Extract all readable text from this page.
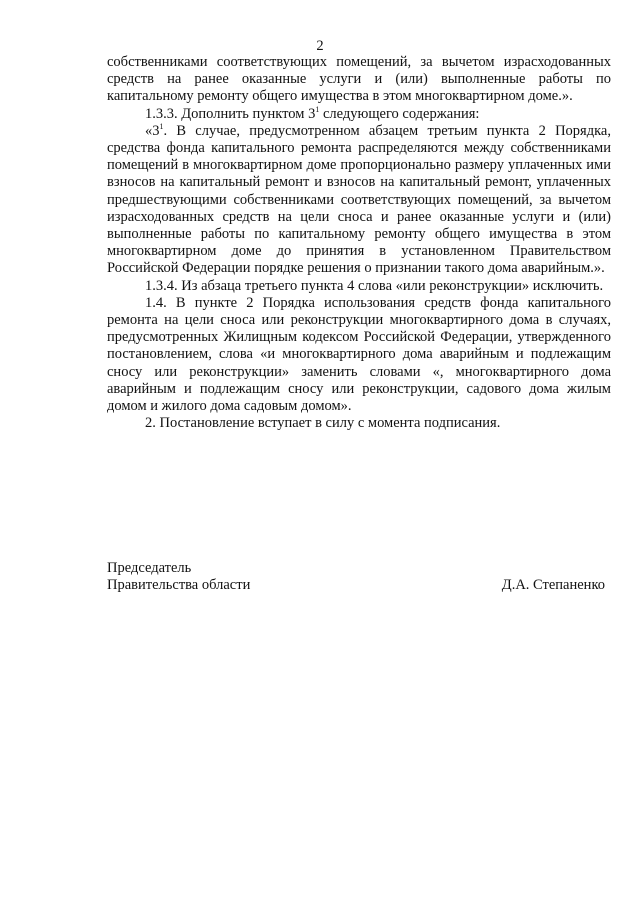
2

собственниками соответствующих помещений, за вычетом израсходованных средств на ранее оказанные услуги и (или) выполненные работы по капитальному ремонту общего имущества в этом многоквартирном доме.».

1.3.3. Дополнить пунктом $3^1$ следующего содержания:

«$3^1$. В случае, предусмотренном абзацем третьим пункта 2 Порядка, средства фонда капитального ремонта распределяются между собственниками помещений в многоквартирном доме пропорционально размеру уплаченных ими взносов на капитальный ремонт и взносов на капитальный ремонт, уплаченных предшествующими собственниками соответствующих помещений, за вычетом израсходованных средств на цели сноса и ранее оказанные услуги и (или) выполненные работы по капитальному ремонту общего имущества в этом многоквартирном доме до принятия в установленном Правительством Российской Федерации порядке решения о признании такого дома аварийным.».

1.3.4. Из абзаца третьего пункта 4 слова «или реконструкции» исключить.

1.4. В пункте 2 Порядка использования средств фонда капитального ремонта на цели сноса или реконструкции многоквартирного дома в случаях, предусмотренных Жилищным кодексом Российской Федерации, утвержденного постановлением, слова «и многоквартирного дома аварийным и подлежащим сносу или реконструкции» заменить словами «, многоквартирного дома аварийным и подлежащим сносу или реконструкции, садового дома жилым домом и жилого дома садовым домом».

2. Постановление вступает в силу с момента подписания.

Председатель
Правительства области	Д.А. Степаненко
